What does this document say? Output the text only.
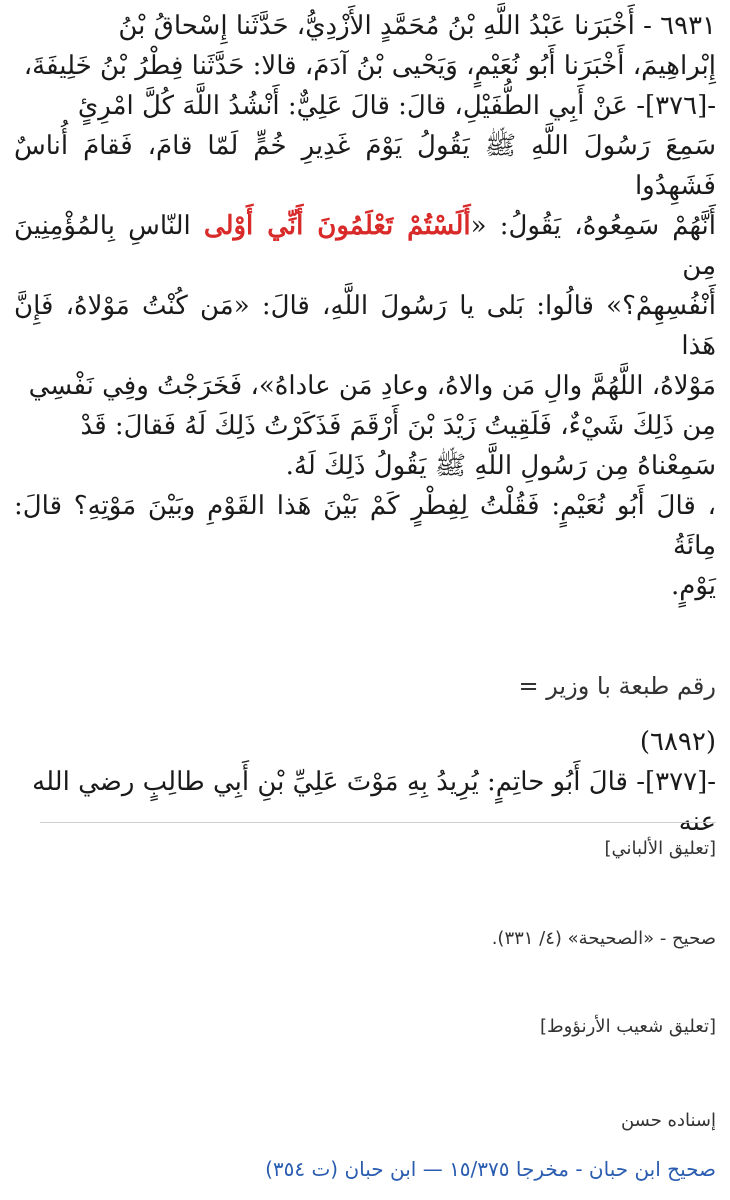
٦٩٣١ - أَخْبَرَنا عَبْدُ اللَّهِ بْنُ مُحَمَّدٍ الأَزْدِيُّ، حَدَّثَنا إِسْحاقُ بْنُ

إِبْراهِيمَ، أَخْبَرَنا أَبُو نُعَيْمٍ، وَيَحْيى بْنُ آدَمَ، قالا: حَدَّثَنا فِطْرُ بْنُ خَلِيفَةَ،

-[٣٧٦]- عَنْ أَبِي الطُّفَيْلِ، قالَ: قالَ عَلِيٌّ: أَنْشُدُ اللَّهَ كُلَّ امْرِئٍ

سَمِعَ رَسُولَ اللَّهِ ﷺ يَقُولُ يَوْمَ غَدِيرِ خُمٍّ لَمّا قامَ، فَقامَ أُناسٌ فَشَهِدُوا

أَنَّهُمْ سَمِعُوهُ، يَقُولُ: «أَلَسْتُمْ تَعْلَمُونَ أَنِّي أَوْلى النّاسِ بِالمُؤْمِنِينَ مِن

أَنْفُسِهِمْ؟» قالُوا: بَلى يا رَسُولَ اللَّهِ، قالَ: «مَن كُنْتُ مَوْلاهُ، فَإِنَّ هَذا

مَوْلاهُ، اللَّهُمَّ والِ مَن والاهُ، وعادِ مَن عاداهُ»، فَخَرَجْتُ وفِي نَفْسِي

مِن ذَلِكَ شَيْءٌ، فَلَقِيتُ زَيْدَ بْنَ أَرْقَمَ فَذَكَرْتُ ذَلِكَ لَهُ فَقالَ: قَدْ

سَمِعْناهُ مِن رَسُولِ اللَّهِ ﷺ يَقُولُ ذَلِكَ لَهُ.

، قالَ أَبُو نُعَيْمٍ: فَقُلْتُ لِفِطْرٍ كَمْ بَيْنَ هَذا القَوْمِ وبَيْنَ مَوْتِهِ؟ قالَ: مِائَةُ

يَوْمٍ.

رقم طبعة با وزير =
(٦٨٩٢)
-[٣٧٧]- قالَ أَبُو حاتِمٍ: يُرِيدُ بِهِ مَوْتَ عَلِيِّ بْنِ أَبِي طالِبٍ رضي الله عنه
[تعليق الألباني]
صحيح - «الصحيحة» (٤/ ٣٣١).
[تعليق شعيب الأرنؤوط]
إسناده حسن
صحيح ابن حبان - مخرجا ١٥/٣٧٥ — ابن حبان (ت ٣٥٤)
